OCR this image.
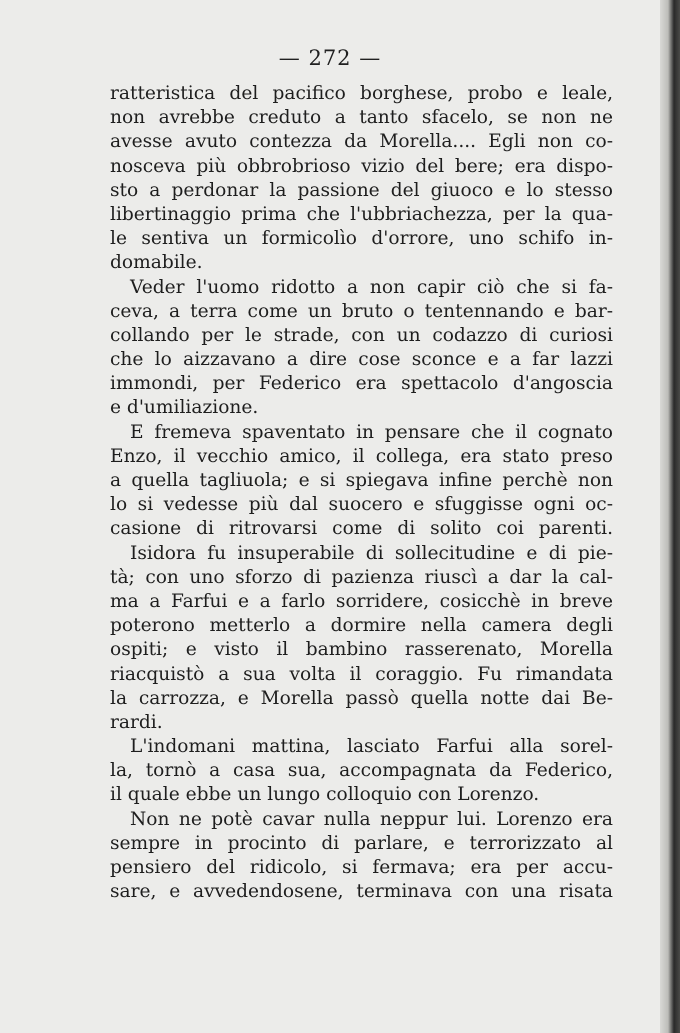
— 272 —
ratteristica del pacifico borghese, probo e leale,
non avrebbe creduto a tanto sfacelo, se non ne
avesse avuto contezza da Morella.... Egli non co-
nosceva più obbrobrioso vizio del bere; era dispo-
sto a perdonar la passione del giuoco e lo stesso
libertinaggio prima che l'ubbriachezza, per la qua-
le sentiva un formicolìo d'orrore, uno schifo in-
domabile.
Veder l'uomo ridotto a non capir ciò che si fa-
ceva, a terra come un bruto o tentennando e bar-
collando per le strade, con un codazzo di curiosi
che lo aizzavano a dire cose sconce e a far lazzi
immondi, per Federico era spettacolo d'angoscia
e d'umiliazione.
E fremeva spaventato in pensare che il cognato
Enzo, il vecchio amico, il collega, era stato preso
a quella tagliuola; e si spiegava infine perchè non
lo si vedesse più dal suocero e sfuggisse ogni oc-
casione di ritrovarsi come di solito coi parenti.
Isidora fu insuperabile di sollecitudine e di pie-
tà; con uno sforzo di pazienza riuscì a dar la cal-
ma a Farfui e a farlo sorridere, cosicchè in breve
poterono metterlo a dormire nella camera degli
ospiti; e visto il bambino rasserenato, Morella
riacquistò a sua volta il coraggio. Fu rimandata
la carrozza, e Morella passò quella notte dai Be-
rardi.
L'indomani mattina, lasciato Farfui alla sorel-
la, tornò a casa sua, accompagnata da Federico,
il quale ebbe un lungo colloquio con Lorenzo.
Non ne potè cavar nulla neppur lui. Lorenzo era
sempre in procinto di parlare, e terrorizzato al
pensiero del ridicolo, si fermava; era per accu-
sare, e avvedendosene, terminava con una risata
